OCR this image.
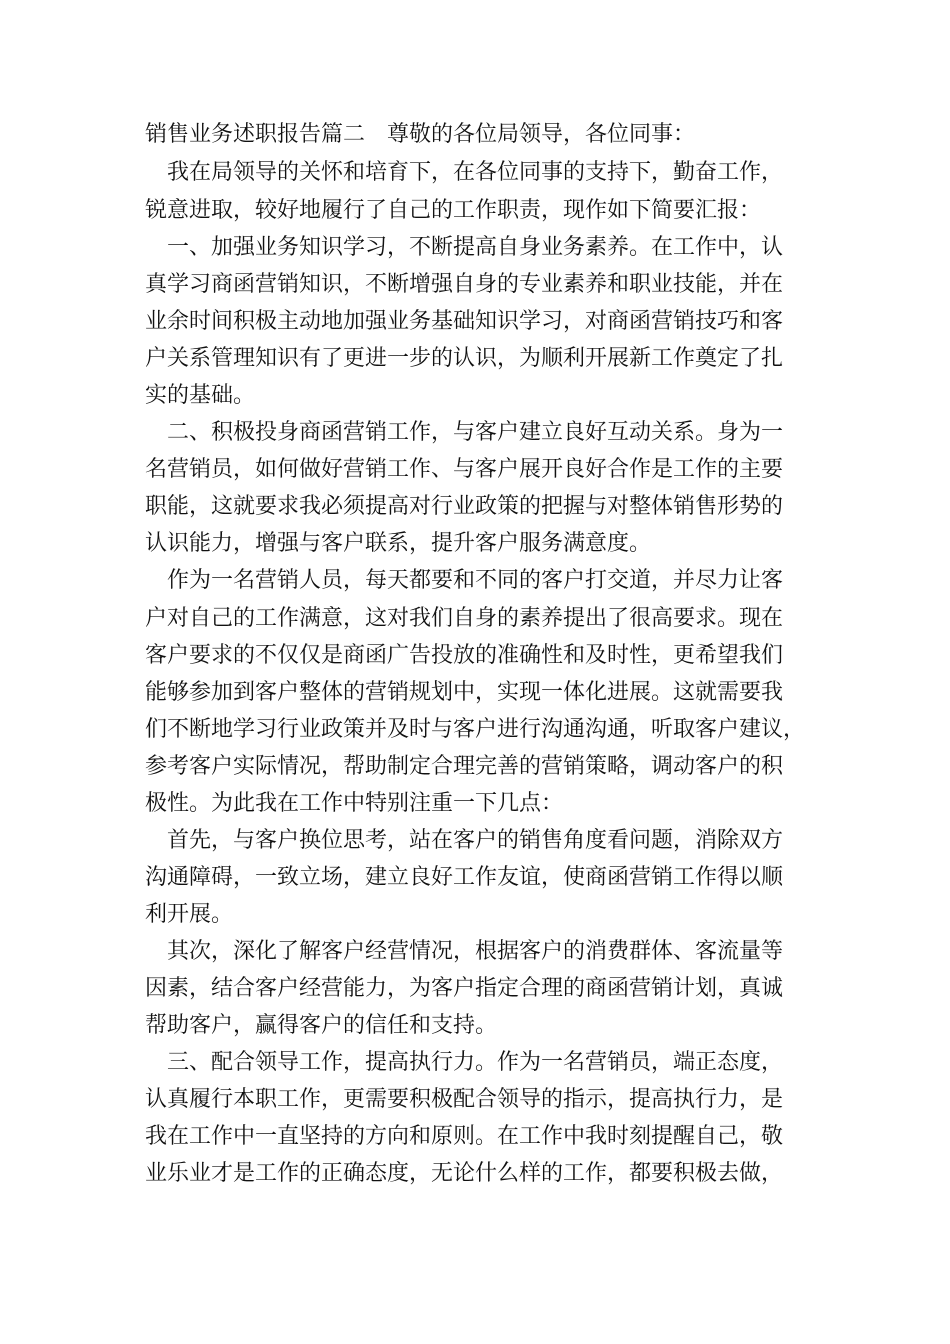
销售业务述职报告篇二　尊敬的各位局领导，各位同事：

　我在局领导的关怀和培育下，在各位同事的支持下，勤奋工作，

锐意进取，较好地履行了自己的工作职责，现作如下简要汇报：

　一、加强业务知识学习，不断提高自身业务素养。在工作中，认

真学习商函营销知识，不断增强自身的专业素养和职业技能，并在

业余时间积极主动地加强业务基础知识学习，对商函营销技巧和客

户关系管理知识有了更进一步的认识，为顺利开展新工作奠定了扎

实的基础。

　二、积极投身商函营销工作，与客户建立良好互动关系。身为一

名营销员，如何做好营销工作、与客户展开良好合作是工作的主要

职能，这就要求我必须提高对行业政策的把握与对整体销售形势的

认识能力，增强与客户联系，提升客户服务满意度。

　作为一名营销人员，每天都要和不同的客户打交道，并尽力让客

户对自己的工作满意，这对我们自身的素养提出了很高要求。现在

客户要求的不仅仅是商函广告投放的准确性和及时性，更希望我们

能够参加到客户整体的营销规划中，实现一体化进展。这就需要我

们不断地学习行业政策并及时与客户进行沟通沟通，听取客户建议，

参考客户实际情况，帮助制定合理完善的营销策略，调动客户的积

极性。为此我在工作中特别注重一下几点：

　首先，与客户换位思考，站在客户的销售角度看问题，消除双方

沟通障碍，一致立场，建立良好工作友谊，使商函营销工作得以顺

利开展。

　其次，深化了解客户经营情况，根据客户的消费群体、客流量等

因素，结合客户经营能力，为客户指定合理的商函营销计划，真诚

帮助客户，赢得客户的信任和支持。

　三、配合领导工作，提高执行力。作为一名营销员，端正态度，

认真履行本职工作，更需要积极配合领导的指示，提高执行力，是

我在工作中一直坚持的方向和原则。在工作中我时刻提醒自己，敬

业乐业才是工作的正确态度，无论什么样的工作，都要积极去做，
